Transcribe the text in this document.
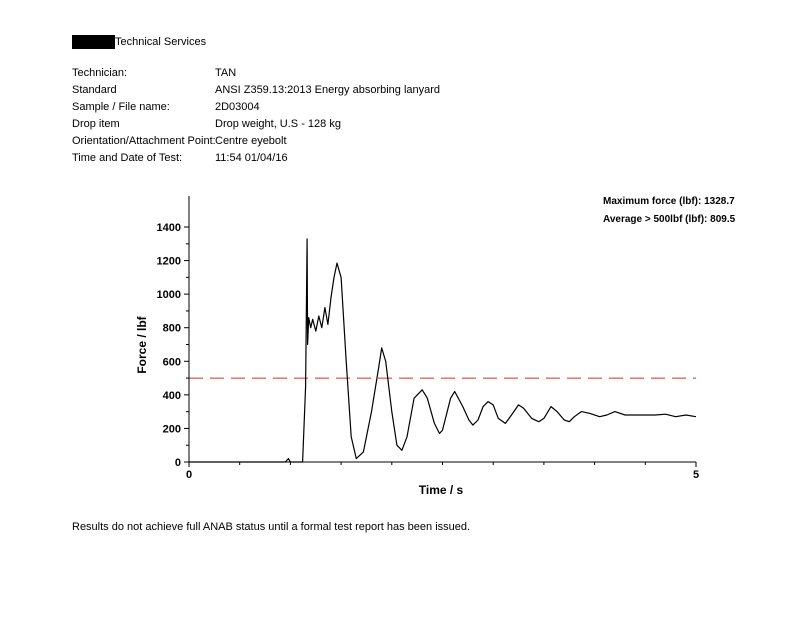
Technical Services
Technician:	TAN
Standard	ANSI Z359.13:2013 Energy absorbing lanyard
Sample / File name:	2D03004
Drop item	Drop weight, U.S - 128 kg
Orientation/Attachment Point: Centre eyebolt
Time and Date of Test:	11:54 01/04/16
Maximum force (lbf): 1328.7
Average > 500lbf (lbf): 809.5
0
200
400
600
800
1000
1200
1400
0	5
Time / s
Force / lbf
Results do not achieve full ANAB status until a formal test report has been issued.
